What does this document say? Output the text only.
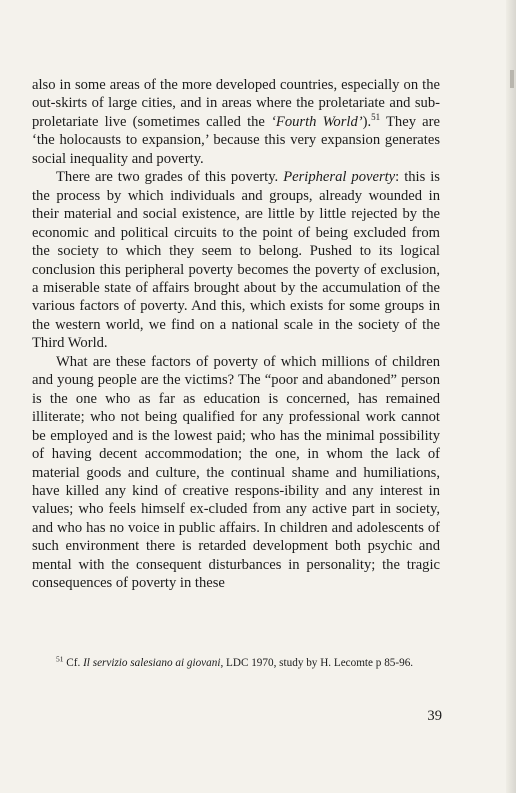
also in some areas of the more developed countries, especially on the out-skirts of large cities, and in areas where the proletariate and sub-proletariate live (sometimes called the ‘Fourth World’).$^{51}$ They are ‘the holocausts to expansion,’ because this very expansion generates social inequality and poverty.

There are two grades of this poverty. Peripheral poverty: this is the process by which individuals and groups, already wounded in their material and social existence, are little by little rejected by the economic and political circuits to the point of being excluded from the society to which they seem to belong. Pushed to its logical conclusion this peripheral poverty becomes the poverty of exclusion, a miserable state of affairs brought about by the accumulation of the various factors of poverty. And this, which exists for some groups in the western world, we find on a national scale in the society of the Third World.

What are these factors of poverty of which millions of children and young people are the victims? The “poor and abandoned” person is the one who as far as education is concerned, has remained illiterate; who not being qualified for any professional work cannot be employed and is the lowest paid; who has the minimal possibility of having decent accommodation; the one, in whom the lack of material goods and culture, the continual shame and humiliations, have killed any kind of creative respons-ibility and any interest in values; who feels himself ex-cluded from any active part in society, and who has no voice in public affairs. In children and adolescents of such environment there is retarded development both psychic and mental with the consequent disturbances in personality; the tragic consequences of poverty in these

$^{51}$ Cf. Il servizio salesiano ai giovani, LDC 1970, study by H. Lecomte p 85-96.

39
